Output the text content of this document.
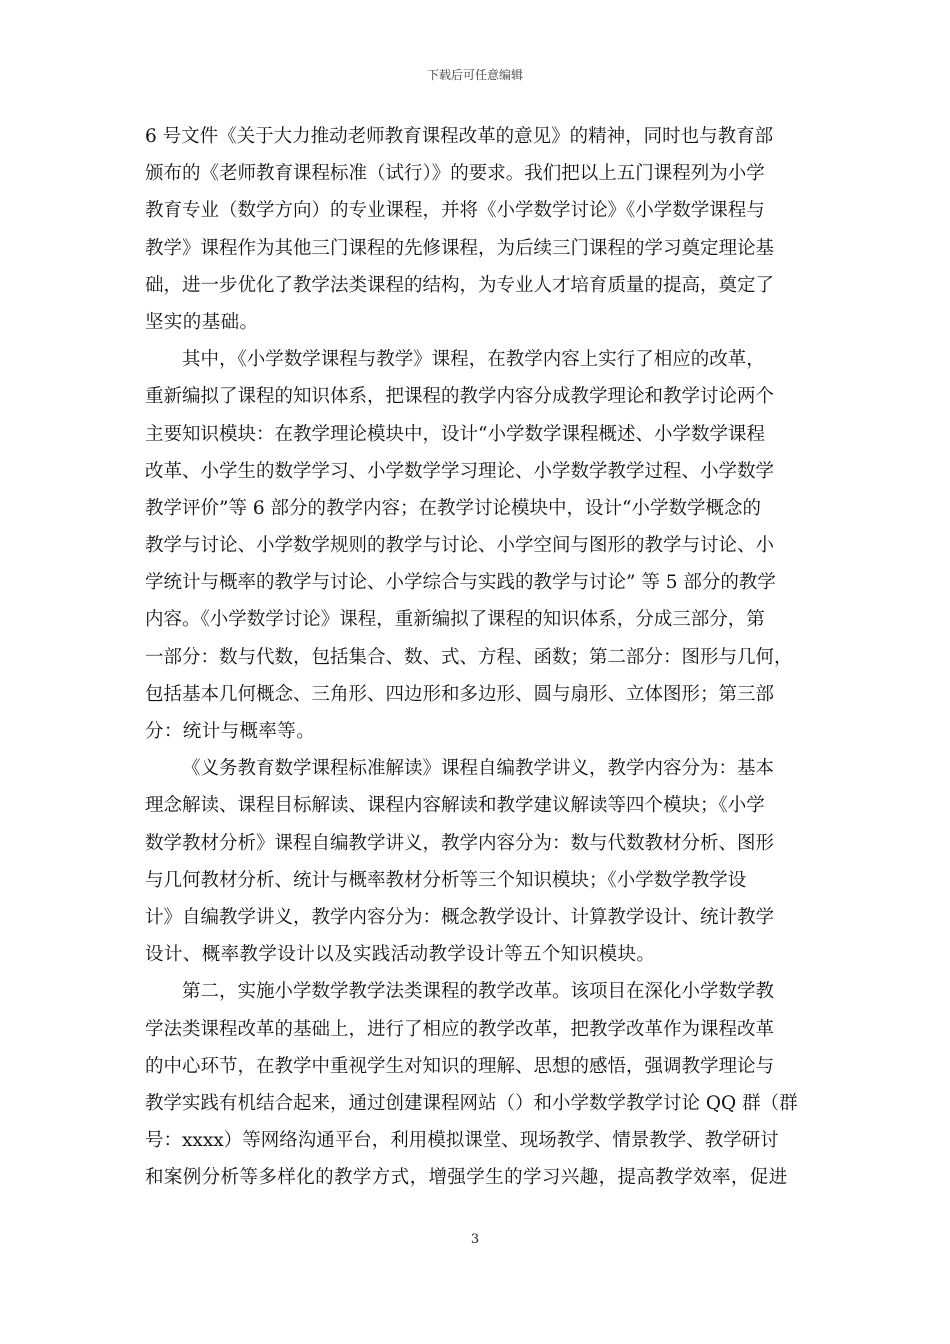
下载后可任意编辑
6 号文件《关于大力推动老师教育课程改革的意见》的精神，同时也与教育部
颁布的《老师教育课程标准（试行）》的要求。我们把以上五门课程列为小学
教育专业（数学方向）的专业课程，并将《小学数学讨论》《小学数学课程与
教学》课程作为其他三门课程的先修课程，为后续三门课程的学习奠定理论基
础，进一步优化了教学法类课程的结构，为专业人才培育质量的提高，奠定了
坚实的基础。
其中，《小学数学课程与教学》课程，在教学内容上实行了相应的改革，
重新编拟了课程的知识体系，把课程的教学内容分成教学理论和教学讨论两个
主要知识模块：在教学理论模块中，设计“小学数学课程概述、小学数学课程
改革、小学生的数学学习、小学数学学习理论、小学数学教学过程、小学数学
教学评价”等 6 部分的教学内容；在教学讨论模块中，设计“小学数学概念的
教学与讨论、小学数学规则的教学与讨论、小学空间与图形的教学与讨论、小
学统计与概率的教学与讨论、小学综合与实践的教学与讨论” 等 5 部分的教学
内容。《小学数学讨论》课程，重新编拟了课程的知识体系，分成三部分，第
一部分：数与代数，包括集合、数、式、方程、函数；第二部分：图形与几何，
包括基本几何概念、三角形、四边形和多边形、圆与扇形、立体图形；第三部
分：统计与概率等。
《义务教育数学课程标准解读》课程自编教学讲义，教学内容分为：基本
理念解读、课程目标解读、课程内容解读和教学建议解读等四个模块；《小学
数学教材分析》课程自编教学讲义，教学内容分为：数与代数教材分析、图形
与几何教材分析、统计与概率教材分析等三个知识模块；《小学数学教学设
计》自编教学讲义，教学内容分为：概念教学设计、计算教学设计、统计教学
设计、概率教学设计以及实践活动教学设计等五个知识模块。
第二，实施小学数学教学法类课程的教学改革。该项目在深化小学数学教
学法类课程改革的基础上，进行了相应的教学改革，把教学改革作为课程改革
的中心环节，在教学中重视学生对知识的理解、思想的感悟，强调教学理论与
教学实践有机结合起来，通过创建课程网站（）和小学数学教学讨论 QQ 群（群
号：xxxx）等网络沟通平台，利用模拟课堂、现场教学、情景教学、教学研讨
和案例分析等多样化的教学方式，增强学生的学习兴趣，提高教学效率，促进
3
